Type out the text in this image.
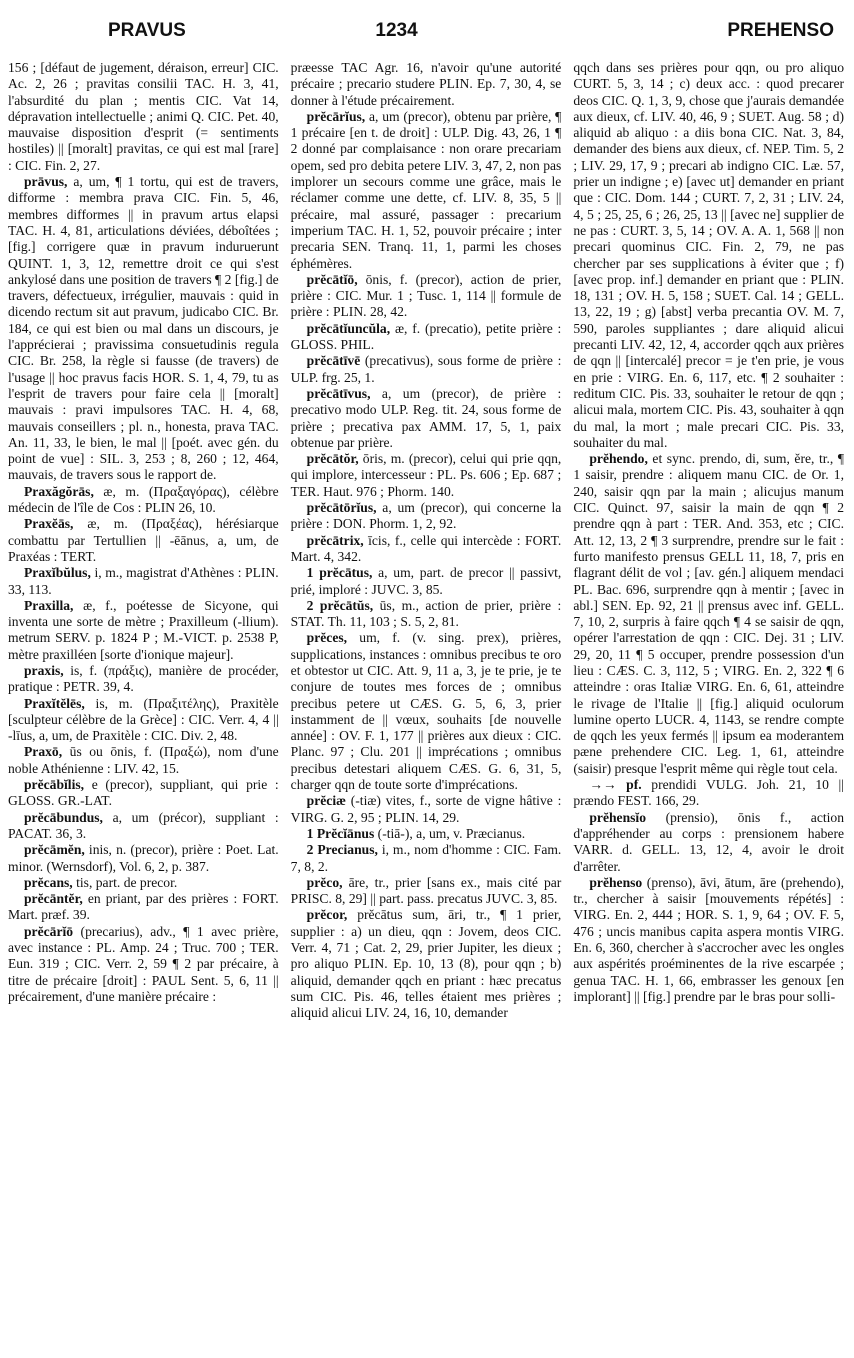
PRAVUS	1234	PREHENSO

156 ; [défaut de jugement, déraison, erreur] CIC. Ac. 2, 26 ; pravitas consilii TAC. H. 3, 41, l'absurdité du plan ; mentis CIC. Vat 14, dépravation intellectuelle ; animi Q. CIC. Pet. 40, mauvaise disposition d'esprit (= sentiments hostiles) || [moralt] pravitas, ce qui est mal [rare] : CIC. Fin. 2, 27.

prāvus, a, um, ¶ 1 tortu, qui est de travers, difforme : membra prava CIC. Fin. 5, 46, membres difformes || in pravum artus elapsi TAC. H. 4, 81, articulations déviées, déboîtées ; [fig.] corrigere quæ in pravum induruerunt QUINT. 1, 3, 12, remettre droit ce qui s'est ankylosé dans une position de travers ¶ 2 [fig.] de travers, défectueux, irrégulier, mauvais : quid in dicendo rectum sit aut pravum, judicabo CIC. Br. 184, ce qui est bien ou mal dans un discours, je l'apprécierai ; pravissima consuetudinis regula CIC. Br. 258, la règle si fausse (de travers) de l'usage || hoc pravus facis HOR. S. 1, 4, 79, tu as l'esprit de travers pour faire cela || [moralt] mauvais : pravi impulsores TAC. H. 4, 68, mauvais conseillers ; pl. n., honesta, prava TAC. An. 11, 33, le bien, le mal || [poét. avec gén. du point de vue] : SIL. 3, 253 ; 8, 260 ; 12, 464, mauvais, de travers sous le rapport de.

Praxăgŏrās, æ, m. (Πραξαγόρας), célèbre médecin de l'île de Cos : PLIN 26, 10.

Praxĕās, æ, m. (Πραξέας), hérésiarque combattu par Tertullien || -ēānus, a, um, de Praxéas : TERT.

Praxĭbŭlus, i, m., magistrat d'Athènes : PLIN. 33, 113.

Praxilla, æ, f., poétesse de Sicyone, qui inventa une sorte de mètre ; Praxilleum (-llium). metrum SERV. p. 1824 P ; M.-VICT. p. 2538 P, mètre praxilléen [sorte d'ionique majeur].

praxis, is, f. (πράξις), manière de procéder, pratique : PETR. 39, 4.

Praxĭtĕlēs, is, m. (Πραξιτέλης), Praxitèle [sculpteur célèbre de la Grèce] : CIC. Verr. 4, 4 || -līus, a, um, de Praxitèle : CIC. Div. 2, 48.

Praxō, ūs ou ōnis, f. (Πραξώ), nom d'une noble Athénienne : LIV. 42, 15.

prĕcābĭlis, e (precor), suppliant, qui prie : GLOSS. GR.-LAT.

prĕcābundus, a, um (précor), suppliant : PACAT. 36, 3.

prĕcāmĕn, inis, n. (precor), prière : Poet. Lat. minor. (Wernsdorf), Vol. 6, 2, p. 387.

prĕcans, tis, part. de precor.

prĕcāntĕr, en priant, par des prières : FORT. Mart. præf. 39.

prĕcārĭō (precarius), adv., ¶ 1 avec prière, avec instance : PL. Amp. 24 ; Truc. 700 ; TER. Eun. 319 ; CIC. Verr. 2, 59 ¶ 2 par précaire, à titre de précaire [droit] : PAUL Sent. 5, 6, 11 || précairement, d'une manière précaire :

præesse TAC Agr. 16, n'avoir qu'une autorité précaire ; precario studere PLIN. Ep. 7, 30, 4, se donner à l'étude précairement.

prĕcārĭus, a, um (precor), obtenu par prière, ¶ 1 précaire [en t. de droit] : ULP. Dig. 43, 26, 1 ¶ 2 donné par complaisance : non orare precariam opem, sed pro debita petere LIV. 3, 47, 2, non pas implorer un secours comme une grâce, mais le réclamer comme une dette, cf. LIV. 8, 35, 5 || précaire, mal assuré, passager : precarium imperium TAC. H. 1, 52, pouvoir précaire ; inter precaria SEN. Tranq. 11, 1, parmi les choses éphémères.

prĕcātĭō, ōnis, f. (precor), action de prier, prière : CIC. Mur. 1 ; Tusc. 1, 114 || formule de prière : PLIN. 28, 42.

prĕcātĭuncŭla, æ, f. (precatio), petite prière : GLOSS. PHIL.

prĕcātīvē (precativus), sous forme de prière : ULP. frg. 25, 1.

prĕcātīvus, a, um (precor), de prière : precativo modo ULP. Reg. tit. 24, sous forme de prière ; precativa pax AMM. 17, 5, 1, paix obtenue par prière.

prĕcātŏr, ōris, m. (precor), celui qui prie qqn, qui implore, intercesseur : PL. Ps. 606 ; Ep. 687 ; TER. Haut. 976 ; Phorm. 140.

prĕcātōrĭus, a, um (precor), qui concerne la prière : DON. Phorm. 1, 2, 92.

prĕcātrix, īcis, f., celle qui intercède : FORT. Mart. 4, 342.

1 prĕcātus, a, um, part. de precor || passivt, prié, imploré : JUVC. 3, 85.

2 prĕcātŭs, ūs, m., action de prier, prière : STAT. Th. 11, 103 ; S. 5, 2, 81.

prĕces, um, f. (v. sing. prex), prières, supplications, instances : omnibus precibus te oro et obtestor ut CIC. Att. 9, 11 a, 3, je te prie, je te conjure de toutes mes forces de ; omnibus precibus petere ut CÆS. G. 5, 6, 3, prier instamment de || vœux, souhaits [de nouvelle année] : OV. F. 1, 177 || prières aux dieux : CIC. Planc. 97 ; Clu. 201 || imprécations ; omnibus precibus detestari aliquem CÆS. G. 6, 31, 5, charger qqn de toute sorte d'imprécations.

prĕciæ (-tiæ) vites, f., sorte de vigne hâtive : VIRG. G. 2, 95 ; PLIN. 14, 29.

1 Prĕcĭānus (-tiā-), a, um, v. Præcianus.

2 Precianus, i, m., nom d'homme : CIC. Fam. 7, 8, 2.

prĕco, āre, tr., prier [sans ex., mais cité par PRISC. 8, 29] || part. pass. precatus JUVC. 3, 85.

prĕcor, prĕcātus sum, āri, tr., ¶ 1 prier, supplier : a) un dieu, qqn : Jovem, deos CIC. Verr. 4, 71 ; Cat. 2, 29, prier Jupiter, les dieux ; pro aliquo PLIN. Ep. 10, 13 (8), pour qqn ; b) aliquid, demander qqch en priant : hæc precatus sum CIC. Pis. 46, telles étaient mes prières ; aliquid alicui LIV. 24, 16, 10, demander

qqch dans ses prières pour qqn, ou pro aliquo CURT. 5, 3, 14 ; c) deux acc. : quod precarer deos CIC. Q. 1, 3, 9, chose que j'aurais demandée aux dieux, cf. LIV. 40, 46, 9 ; SUET. Aug. 58 ; d) aliquid ab aliquo : a diis bona CIC. Nat. 3, 84, demander des biens aux dieux, cf. NEP. Tim. 5, 2 ; LIV. 29, 17, 9 ; precari ab indigno CIC. Læ. 57, prier un indigne ; e) [avec ut] demander en priant que : CIC. Dom. 144 ; CURT. 7, 2, 31 ; LIV. 24, 4, 5 ; 25, 25, 6 ; 26, 25, 13 || [avec ne] supplier de ne pas : CURT. 3, 5, 14 ; OV. A. A. 1, 568 || non precari quominus CIC. Fin. 2, 79, ne pas chercher par ses supplications à éviter que ; f) [avec prop. inf.] demander en priant que : PLIN. 18, 131 ; OV. H. 5, 158 ; SUET. Cal. 14 ; GELL. 13, 22, 19 ; g) [abst] verba precantia OV. M. 7, 590, paroles suppliantes ; dare aliquid alicui precanti LIV. 42, 12, 4, accorder qqch aux prières de qqn || [intercalé] precor = je t'en prie, je vous en prie : VIRG. En. 6, 117, etc. ¶ 2 souhaiter : reditum CIC. Pis. 33, souhaiter le retour de qqn ; alicui mala, mortem CIC. Pis. 43, souhaiter à qqn du mal, la mort ; male precari CIC. Pis. 33, souhaiter du mal.

prĕhendo, et sync. prendo, di, sum, ĕre, tr., ¶ 1 saisir, prendre : aliquem manu CIC. de Or. 1, 240, saisir qqn par la main ; alicujus manum CIC. Quinct. 97, saisir la main de qqn ¶ 2 prendre qqn à part : TER. And. 353, etc ; CIC. Att. 12, 13, 2 ¶ 3 surprendre, prendre sur le fait : furto manifesto prensus GELL 11, 18, 7, pris en flagrant délit de vol ; [av. gén.] aliquem mendaci PL. Bac. 696, surprendre qqn à mentir ; [avec in abl.] SEN. Ep. 92, 21 || prensus avec inf. GELL. 7, 10, 2, surpris à faire qqch ¶ 4 se saisir de qqn, opérer l'arrestation de qqn : CIC. Dej. 31 ; LIV. 29, 20, 11 ¶ 5 occuper, prendre possession d'un lieu : CÆS. C. 3, 112, 5 ; VIRG. En. 2, 322 ¶ 6 atteindre : oras Italiæ VIRG. En. 6, 61, atteindre le rivage de l'Italie || [fig.] aliquid oculorum lumine operto LUCR. 4, 1143, se rendre compte de qqch les yeux fermés || ipsum ea moderantem pæne prehendere CIC. Leg. 1, 61, atteindre (saisir) presque l'esprit même qui règle tout cela.

→→ pf. prendidi VULG. Joh. 21, 10 || prændo FEST. 166, 29.

prĕhensĭo (prensio), ōnis f., action d'appréhender au corps : prensionem habere VARR. d. GELL. 13, 12, 4, avoir le droit d'arrêter.

prĕhenso (prenso), āvi, ātum, āre (prehendo), tr., chercher à saisir [mouvements répétés] : VIRG. En. 2, 444 ; HOR. S. 1, 9, 64 ; OV. F. 5, 476 ; uncis manibus capita aspera montis VIRG. En. 6, 360, chercher à s'accrocher avec les ongles aux aspérités proéminentes de la rive escarpée ; genua TAC. H. 1, 66, embrasser les genoux [en implorant] || [fig.] prendre par le bras pour solli-
